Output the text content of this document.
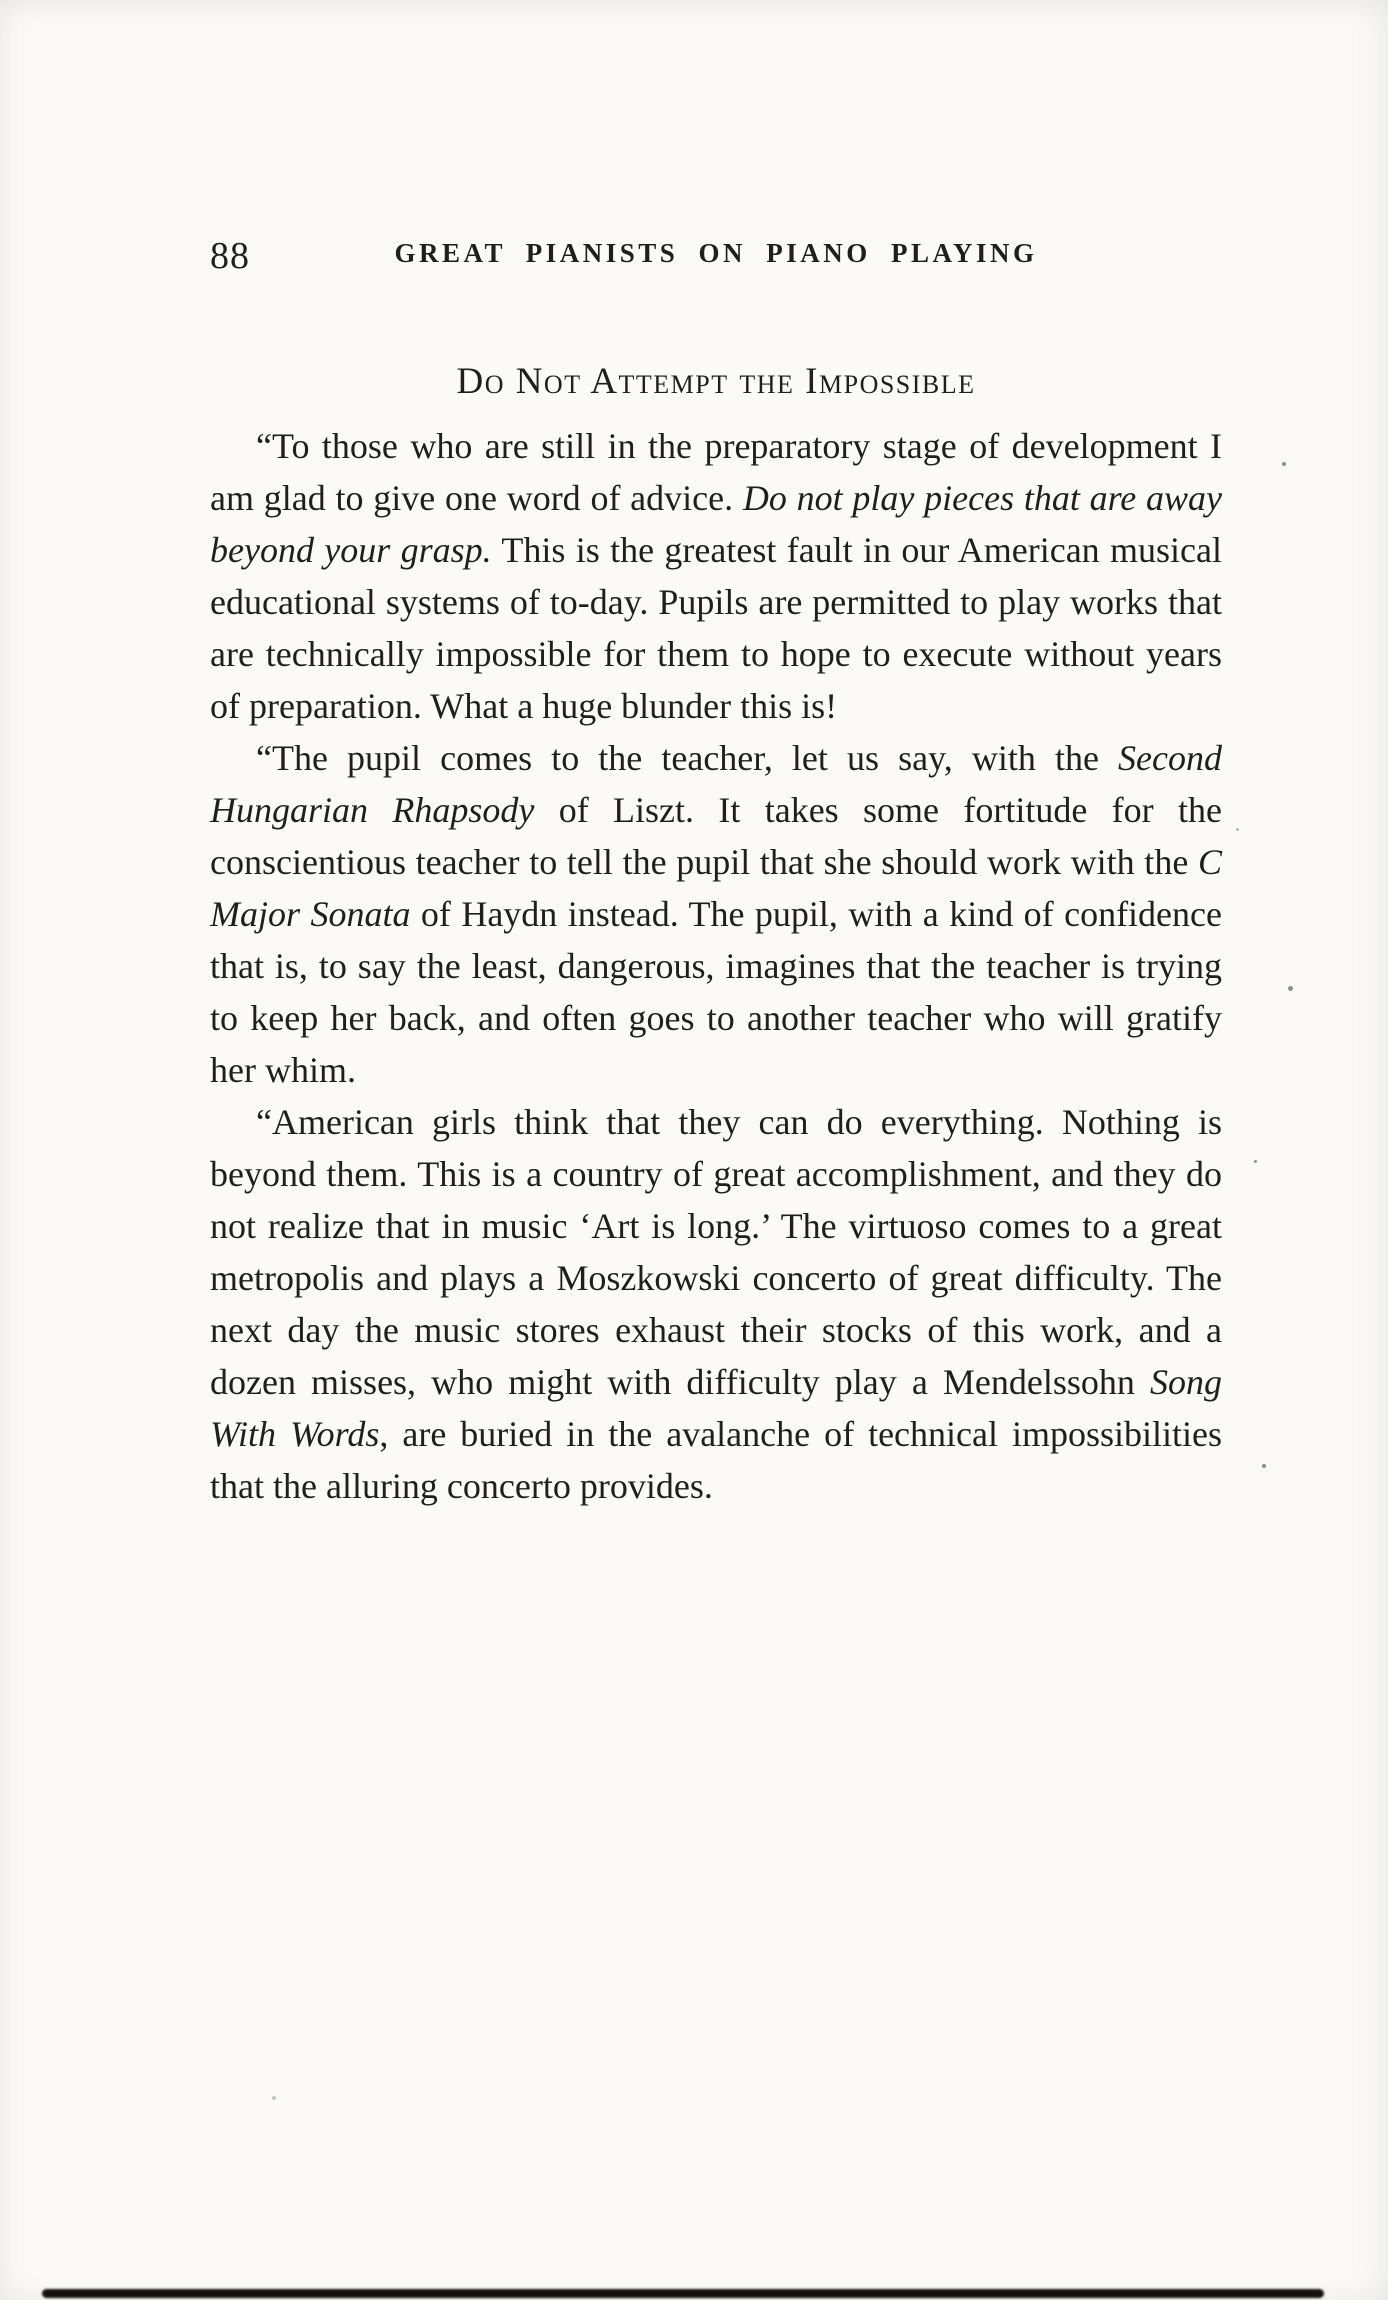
88	GREAT PIANISTS ON PIANO PLAYING
Do Not Attempt the Impossible

“To those who are still in the preparatory stage of development I am glad to give one word of advice. Do not play pieces that are away beyond your grasp. This is the greatest fault in our American musical educational systems of to-day. Pupils are permitted to play works that are technically impossible for them to hope to execute without years of preparation. What a huge blunder this is!

“The pupil comes to the teacher, let us say, with the Second Hungarian Rhapsody of Liszt. It takes some fortitude for the conscientious teacher to tell the pupil that she should work with the C Major Sonata of Haydn instead. The pupil, with a kind of confidence that is, to say the least, dangerous, imagines that the teacher is trying to keep her back, and often goes to another teacher who will gratify her whim.

“American girls think that they can do everything. Nothing is beyond them. This is a country of great accomplishment, and they do not realize that in music ‘Art is long.’ The virtuoso comes to a great metropolis and plays a Moszkowski concerto of great difficulty. The next day the music stores exhaust their stocks of this work, and a dozen misses, who might with difficulty play a Mendelssohn Song With Words, are buried in the avalanche of technical impossibilities that the alluring concerto provides.
